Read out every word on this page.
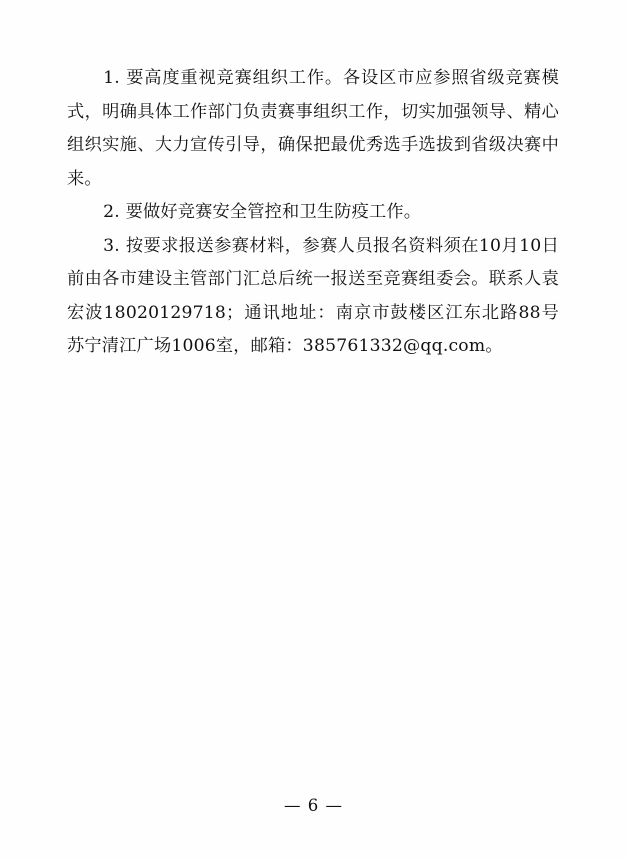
1. 要高度重视竞赛组织工作。各设区市应参照省级竞赛模式，明确具体工作部门负责赛事组织工作，切实加强领导、精心组织实施、大力宣传引导，确保把最优秀选手选拔到省级决赛中来。

2. 要做好竞赛安全管控和卫生防疫工作。

3. 按要求报送参赛材料，参赛人员报名资料须在10月10日前由各市建设主管部门汇总后统一报送至竞赛组委会。联系人袁宏波18020129718；通讯地址：南京市鼓楼区江东北路88号苏宁清江广场1006室，邮箱：385761332@qq.com。

— 6 —
